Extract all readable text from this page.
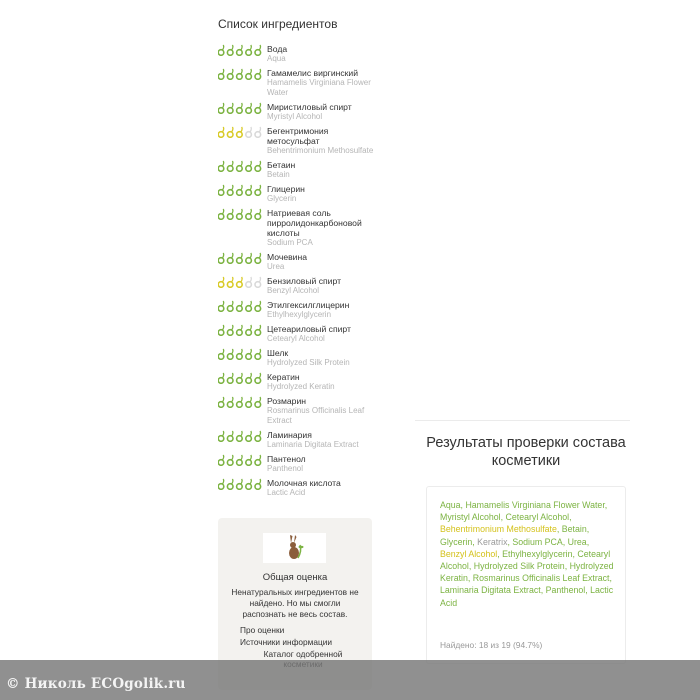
Список ингредиентов
Вода
Aqua
Гамамелис виргинский
Hamamelis Virginiana Flower Water
Миристиловый спирт
Myristyl Alcohol
Бегентримония метосульфат
Behentrimonium Methosulfate
Бетаин
Betain
Глицерин
Glycerin
Натриевая соль пирролидонкарбоновой кислоты
Sodium PCA
Мочевина
Urea
Бензиловый спирт
Benzyl Alcohol
Этилгексилглицерин
Ethylhexylglycerin
Цетеариловый спирт
Cetearyl Alcohol
Шелк
Hydrolyzed Silk Protein
Кератин
Hydrolyzed Keratin
Розмарин
Rosmarinus Officinalis Leaf Extract
Ламинария
Laminaria Digitata Extract
Пантенол
Panthenol
Молочная кислота
Lactic Acid
Общая оценка
Ненатуральных ингредиентов не найдено. Но мы смогли распознать не весь состав.
Про оценки
Источники информации
Каталог одобренной
Результаты проверки состава косметики
Aqua, Hamamelis Virginiana Flower Water, Myristyl Alcohol, Cetearyl Alcohol, Behentrimonium Methosulfate, Betain, Glycerin, Keratrix, Sodium PCA, Urea, Benzyl Alcohol, Ethylhexylglycerin, Cetearyl Alcohol, Hydrolyzed Silk Protein, Hydrolyzed Keratin, Rosmarinus Officinalis Leaf Extract, Laminaria Digitata Extract, Panthenol, Lactic Acid
Найдено: 18 из 19 (94.7%)
© Николь ECOgolik.ru
